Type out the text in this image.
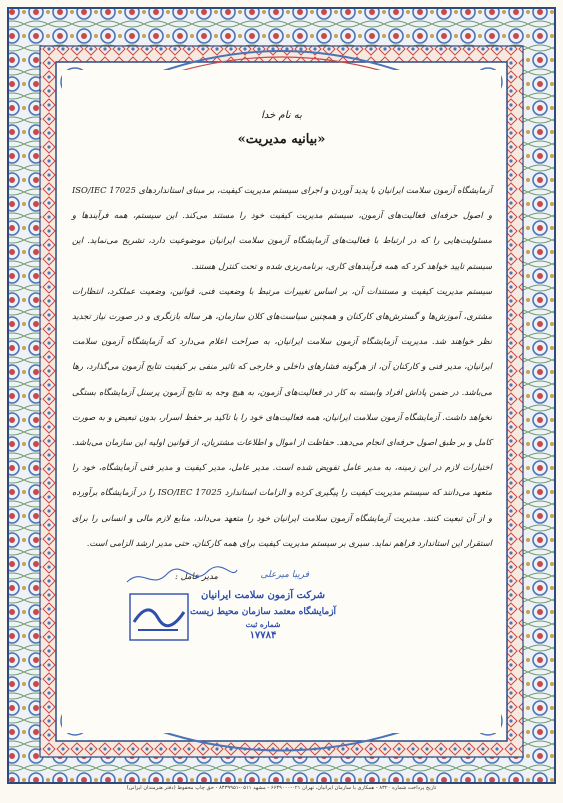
به نام خدا
«بیانیه مدیریت»

آزمایشگاه آزمون سلامت ایرانیان با پدید آوردن و اجرای سیستم مدیریت کیفیت، بر مبنای استانداردهای ISO/IEC 17025 و اصول حرفه‌ای فعالیت‌های آزمون، سیستم مدیریت کیفیت خود را مستند می‌کند. این سیستم، همه فرآیندها و مسئولیت‌هایی را که در ارتباط با فعالیت‌های آزمایشگاه آزمون سلامت ایرانیان موضوعیت دارد، تشریح می‌نماید. این سیستم تایید خواهد کرد که همه فرآیندهای کاری، برنامه‌ریزی شده و تحت کنترل هستند.

سیستم مدیریت کیفیت و مستندات آن، بر اساس تغییرات مرتبط با وضعیت فنی، قوانین، وضعیت عملکرد، انتظارات مشتری، آموزش‌ها و گسترش‌های کارکنان و همچنین سیاست‌های کلان سازمان، هر ساله بازنگری و در صورت نیاز تجدید نظر خواهند شد. مدیریت آزمایشگاه آزمون سلامت ایرانیان، به صراحت اعلام می‌دارد که آزمایشگاه آزمون سلامت ایرانیان، مدیر فنی و کارکنان آن، از هرگونه فشارهای داخلی و خارجی که تاثیر منفی بر کیفیت نتایج آزمون می‌گذارد، رها می‌باشد. در ضمن پاداش افراد وابسته به کار در فعالیت‌های آزمون، به هیچ وجه به نتایج آزمون پرسنل آزمایشگاه بستگی نخواهد داشت. آزمایشگاه آزمون سلامت ایرانیان، همه فعالیت‌های خود را با تاکید بر حفظ اسرار، بدون تبعیض و به صورت کامل و بر طبق اصول حرفه‌ای انجام می‌دهد. حفاظت از اموال و اطلاعات مشتریان، از قوانین اولیه این سازمان می‌باشد. اختیارات لازم در این زمینه، به مدیر عامل تفویض شده است. مدیر عامل، مدیر کیفیت و مدیر فنی آزمایشگاه، خود را متعهد می‌دانند که سیستم مدیریت کیفیت را پیگیری کرده و الزامات استاندارد ISO/IEC 17025 را در آزمایشگاه برآورده و از آن تبعیت کنند. مدیریت آزمایشگاه آزمون سلامت ایرانیان خود را متعهد می‌داند، منابع لازم مالی و انسانی را برای استقرار این استاندارد فراهم نماید. سیری بر سیستم مدیریت کیفیت برای همه کارکنان، حتی مدیر ارشد الزامی است.

مدیر عامل :	فریبا میرعلی
شرکت آزمون سلامت ایرانیان
آزمایشگاه معتمد سازمان محیط زیست
شماره ثبت
۱۷۷۸۴
تاریخ پرداخت شماره ۸۳۲۰ - همکاری با سازمان ایرانیان، تهران ۰۲۱-۶۶۴۹۰۰۰ - مشهد ۰۵۱۱-۸۴۳۹۹۵۱ - حق چاپ محفوظ (دفتر هنرمندان ایرانی)
